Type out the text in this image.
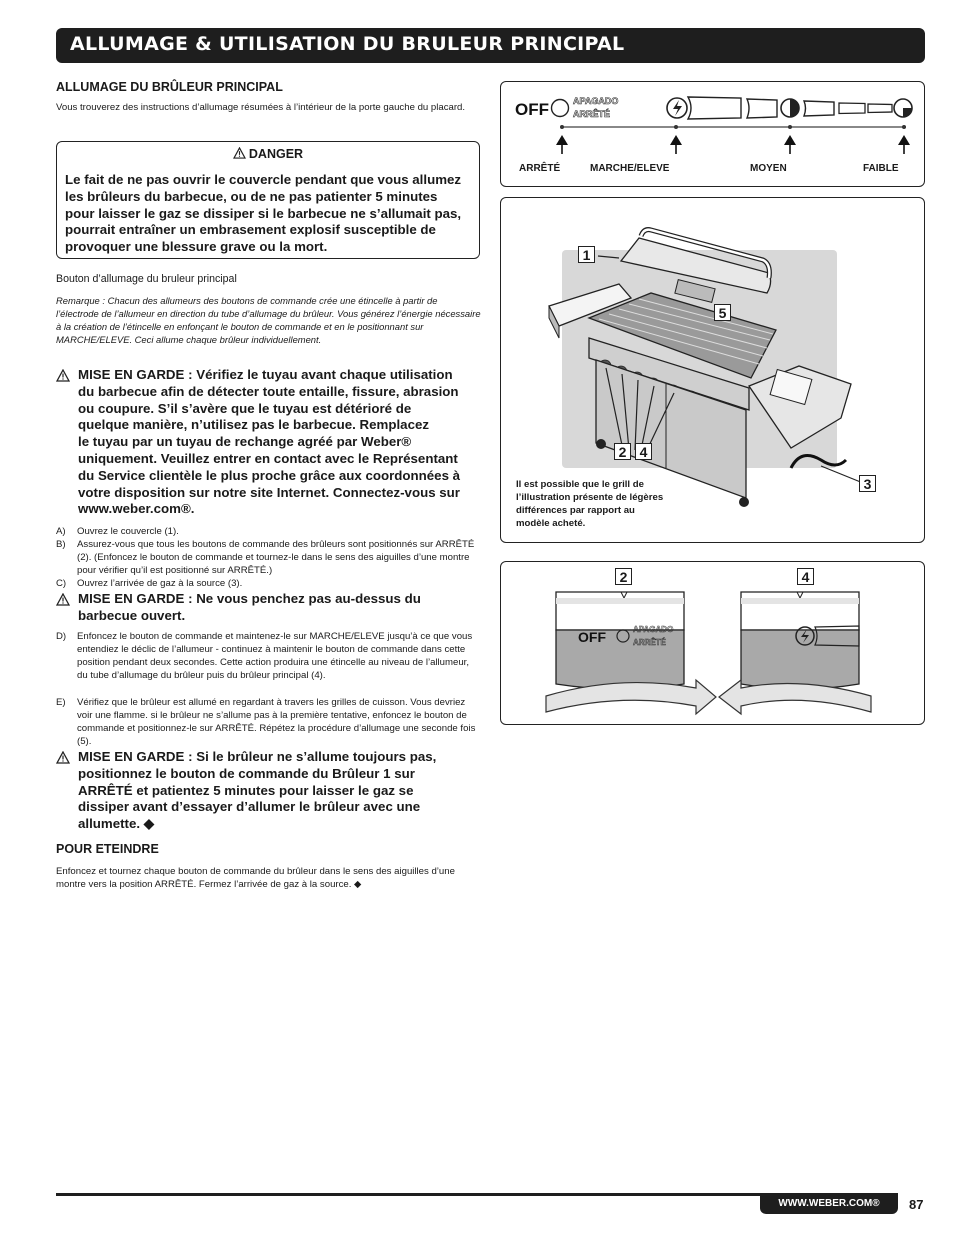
ALLUMAGE & UTILISATION DU BRULEUR PRINCIPAL

ALLUMAGE DU BRÛLEUR PRINCIPAL

Vous trouverez des instructions d’allumage résumées à l’intérieur de la porte gauche du placard.

DANGER
Le fait de ne pas ouvrir le couvercle pendant que vous allumez les brûleurs du barbecue, ou de ne pas patienter 5 minutes pour laisser le gaz se dissiper si le barbecue ne s’allumait pas, pourrait entraîner un embrasement explosif susceptible de provoquer une blessure grave ou la mort.

Bouton d’allumage du bruleur principal

Remarque : Chacun des allumeurs des boutons de commande crée une étincelle à partir de l’électrode de l’allumeur en direction du tube d’allumage du brûleur. Vous générez l’énergie nécessaire à la création de l’étincelle en enfonçant le bouton de commande et en le positionnant sur MARCHE/ELEVE. Ceci allume chaque brûleur individuellement.

MISE EN GARDE : Vérifiez le tuyau avant chaque utilisation
du barbecue afin de détecter toute entaille, fissure, abrasion
ou coupure. S’il s’avère que le tuyau est détérioré de
quelque manière, n’utilisez pas le barbecue. Remplacez
le tuyau par un tuyau de rechange agréé par Weber®
uniquement. Veuillez entrer en contact avec le Représentant
du Service clientèle le plus proche grâce aux coordonnées à
votre disposition sur notre site Internet. Connectez-vous sur
www.weber.com®.
A) Ouvrez le couvercle (1).
B) Assurez-vous que tous les boutons de commande des brûleurs sont positionnés sur ARRÊTÉ (2). (Enfoncez le bouton de commande et tournez-le dans le sens des aiguilles d’une montre pour vérifier qu’il est positionné sur ARRÊTÉ.)
C) Ouvrez l’arrivée de gaz à la source (3).
MISE EN GARDE : Ne vous penchez pas au-dessus du
barbecue ouvert.
D) Enfoncez le bouton de commande et maintenez-le sur MARCHE/ELEVE jusqu’à ce que vous entendiez le déclic de l’allumeur - continuez à maintenir le bouton de commande dans cette position pendant deux secondes. Cette action produira une étincelle au niveau de l’allumeur, du tube d’allumage du brûleur puis du brûleur principal (4).
E) Vérifiez que le brûleur est allumé en regardant à travers les grilles de cuisson. Vous devriez voir une flamme. si le brûleur ne s’allume pas à la première tentative, enfoncez le bouton de commande et positionnez-le sur ARRÊTÉ. Répétez la procédure d’allumage une seconde fois (5).
MISE EN GARDE : Si le brûleur ne s’allume toujours pas,
positionnez le bouton de commande du Brûleur 1 sur
ARRÊTÉ et patientez 5 minutes pour laisser le gaz se
dissiper avant d’essayer d’allumer le brûleur avec une
allumette. ◆

POUR ETEINDRE

Enfoncez et tournez chaque bouton de commande du brûleur dans le sens des aiguilles d’une montre vers la position ARRÊTÉ. Fermez l’arrivée de gaz à la source. ◆

OFF	APAGADO
ARRÊTÉ
ARRÊTÉ	MARCHE/ELEVE	MOYEN	FAIBLE
1
5
2 4
3
Il est possible que le grill de l’illustration présente de légères différences par rapport au modèle acheté.
OFF	APAGADO
ARRÊTÉ
2	4
WWW.WEBER.COM®	87
